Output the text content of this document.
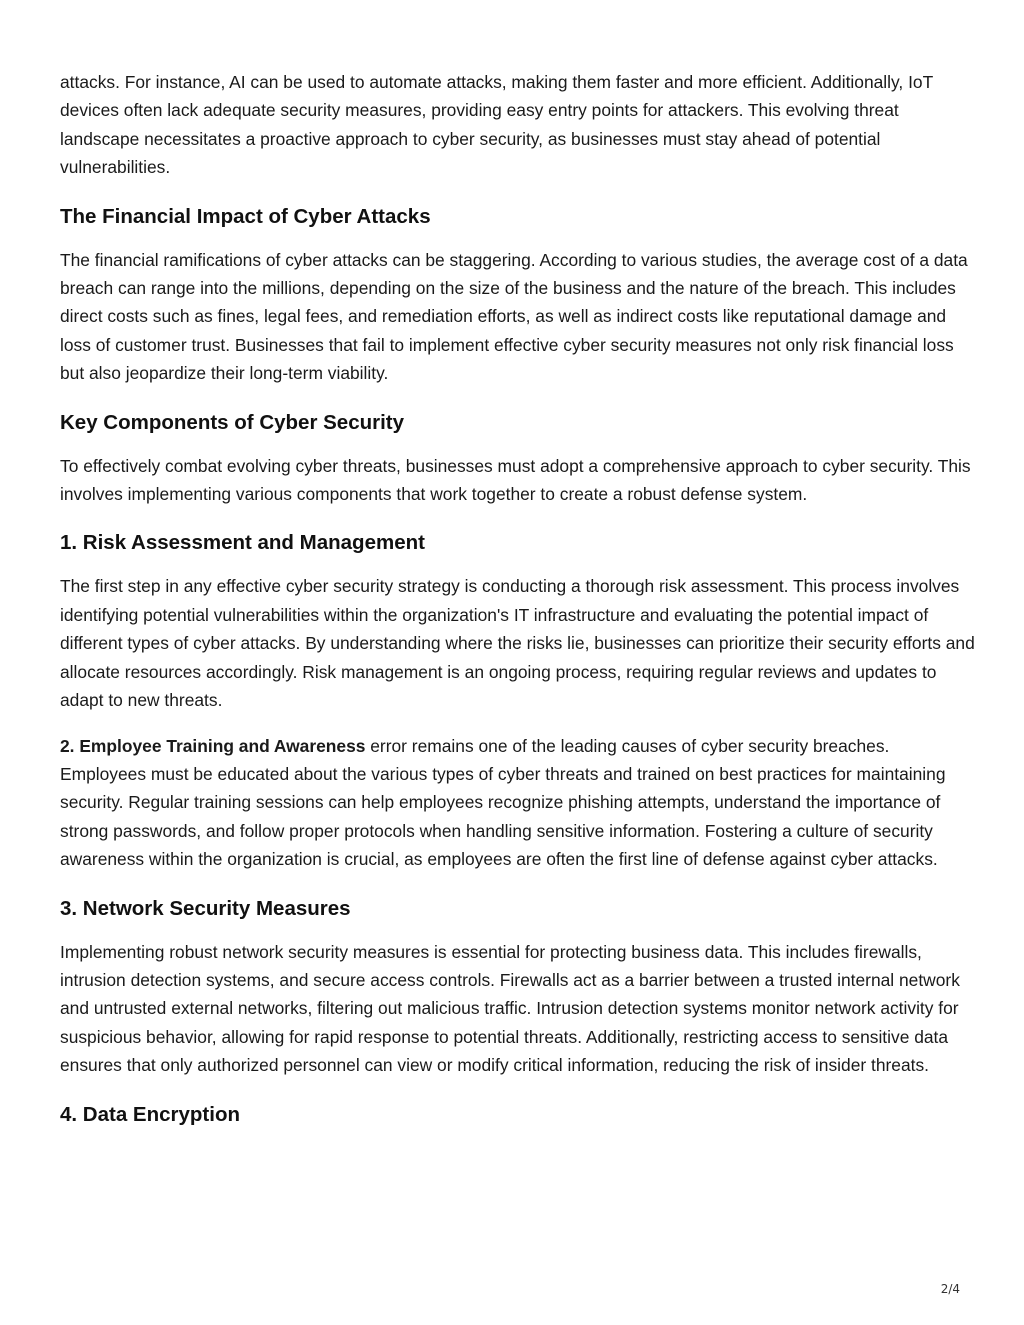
attacks. For instance, AI can be used to automate attacks, making them faster and more efficient. Additionally, IoT devices often lack adequate security measures, providing easy entry points for attackers. This evolving threat landscape necessitates a proactive approach to cyber security, as businesses must stay ahead of potential vulnerabilities.

The Financial Impact of Cyber Attacks

The financial ramifications of cyber attacks can be staggering. According to various studies, the average cost of a data breach can range into the millions, depending on the size of the business and the nature of the breach. This includes direct costs such as fines, legal fees, and remediation efforts, as well as indirect costs like reputational damage and loss of customer trust. Businesses that fail to implement effective cyber security measures not only risk financial loss but also jeopardize their long-term viability.

Key Components of Cyber Security

To effectively combat evolving cyber threats, businesses must adopt a comprehensive approach to cyber security. This involves implementing various components that work together to create a robust defense system.

1. Risk Assessment and Management

The first step in any effective cyber security strategy is conducting a thorough risk assessment. This process involves identifying potential vulnerabilities within the organization's IT infrastructure and evaluating the potential impact of different types of cyber attacks. By understanding where the risks lie, businesses can prioritize their security efforts and allocate resources accordingly. Risk management is an ongoing process, requiring regular reviews and updates to adapt to new threats.

2. Employee Training and Awareness error remains one of the leading causes of cyber security breaches. Employees must be educated about the various types of cyber threats and trained on best practices for maintaining security. Regular training sessions can help employees recognize phishing attempts, understand the importance of strong passwords, and follow proper protocols when handling sensitive information. Fostering a culture of security awareness within the organization is crucial, as employees are often the first line of defense against cyber attacks.

3. Network Security Measures

Implementing robust network security measures is essential for protecting business data. This includes firewalls, intrusion detection systems, and secure access controls. Firewalls act as a barrier between a trusted internal network and untrusted external networks, filtering out malicious traffic. Intrusion detection systems monitor network activity for suspicious behavior, allowing for rapid response to potential threats. Additionally, restricting access to sensitive data ensures that only authorized personnel can view or modify critical information, reducing the risk of insider threats.

4. Data Encryption
2/4
